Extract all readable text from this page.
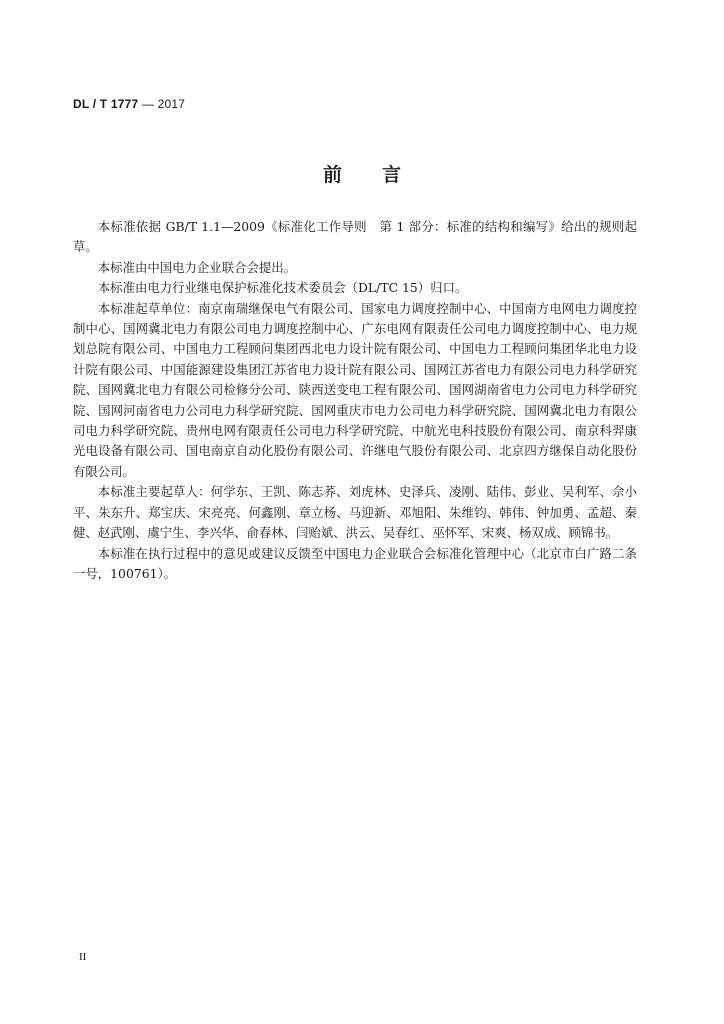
DL / T 1777 — 2017
前 言

本标准依据 GB/T 1.1—2009《标准化工作导则　第 1 部分：标准的结构和编写》给出的规则起草。

本标准由中国电力企业联合会提出。

本标准由电力行业继电保护标准化技术委员会（DL/TC 15）归口。

本标准起草单位：南京南瑞继保电气有限公司、国家电力调度控制中心、中国南方电网电力调度控制中心、国网冀北电力有限公司电力调度控制中心、广东电网有限责任公司电力调度控制中心、电力规划总院有限公司、中国电力工程顾问集团西北电力设计院有限公司、中国电力工程顾问集团华北电力设计院有限公司、中国能源建设集团江苏省电力设计院有限公司、国网江苏省电力有限公司电力科学研究院、国网冀北电力有限公司检修分公司、陕西送变电工程有限公司、国网湖南省电力公司电力科学研究院、国网河南省电力公司电力科学研究院、国网重庆市电力公司电力科学研究院、国网冀北电力有限公司电力科学研究院、贵州电网有限责任公司电力科学研究院、中航光电科技股份有限公司、南京科羿康光电设备有限公司、国电南京自动化股份有限公司、许继电气股份有限公司、北京四方继保自动化股份有限公司。

本标准主要起草人：何学东、王凯、陈志荞、刘虎林、史泽兵、凌刚、陆伟、彭业、吴利军、佘小平、朱东升、郑宝庆、宋亮亮、何鑫刚、章立杨、马迎新、邓旭阳、朱维钧、韩伟、钟加勇、孟超、秦健、赵武刚、虞宁生、李兴华、俞春林、闫贻斌、洪云、吴春红、巫怀军、宋爽、杨双成、顾锦书。

本标准在执行过程中的意见或建议反馈至中国电力企业联合会标准化管理中心（北京市白广路二条一号，100761）。

II
